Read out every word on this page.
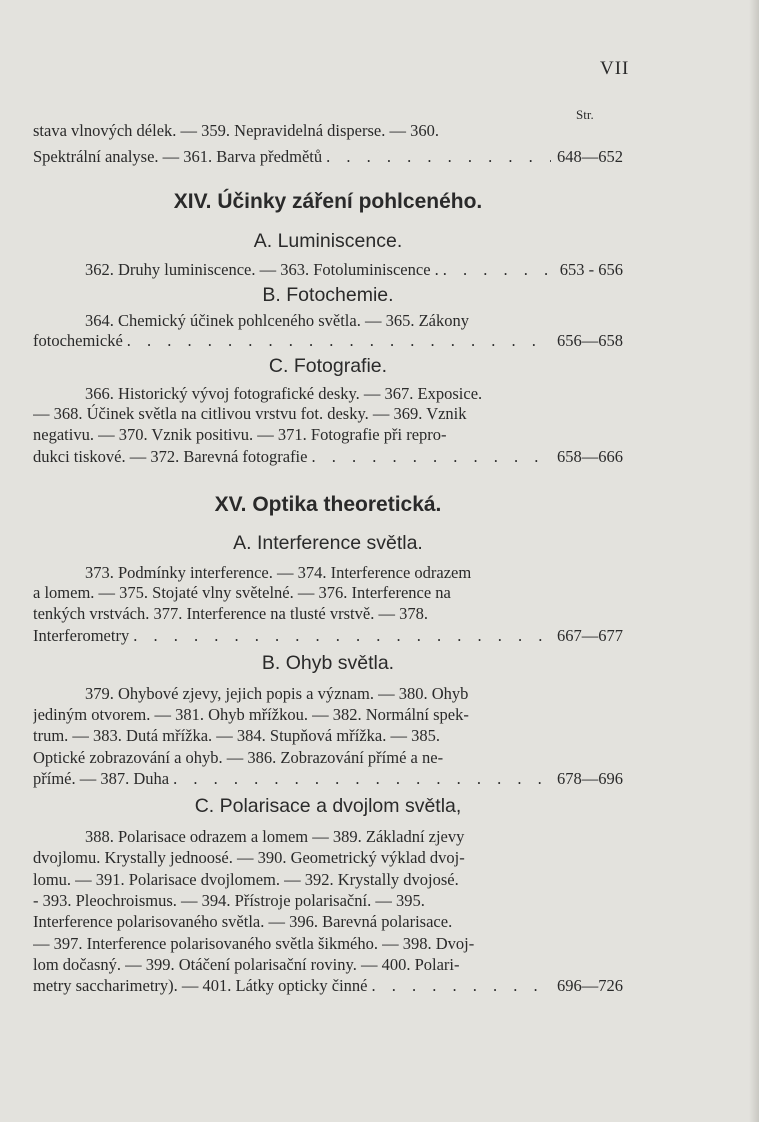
VII
Str.
stava vlnových délek. — 359. Nepravidelná disperse. — 360.
Spektrální analyse. — 361. Barva předmětů . . .	648—652
XIV. Účinky záření pohlceného.
A. Luminiscence.
362. Druhy luminiscence. — 363. Fotoluminiscence . . . .	653 - 656
B. Fotochemie.
364. Chemický účinek pohlceného světla. — 365. Zákony
fotochemické . . .	656—658
C. Fotografie.
366. Historický vývoj fotografické desky. — 367. Exposice.
— 368. Účinek světla na citlivou vrstvu fot. desky. — 369. Vznik
negativu. — 370. Vznik positivu. — 371. Fotografie při repro-
dukci tiskové. — 372. Barevná fotografie . . .	658—666
XV. Optika theoretická.
A. Interference světla.
373. Podmínky interference. — 374. Interference odrazem
a lomem. — 375. Stojaté vlny světelné. — 376. Interference na
tenkých vrstvách. 377. Interference na tlusté vrstvě. — 378.
Interferometry . . .	667—677
B. Ohyb světla.
379. Ohybové zjevy, jejich popis a význam. — 380. Ohyb
jediným otvorem. — 381. Ohyb mřížkou. — 382. Normální spek-
trum. — 383. Dutá mřížka. — 384. Stupňová mřížka. — 385.
Optické zobrazování a ohyb. — 386. Zobrazování přímé a ne-
přímé. — 387. Duha . . .	678—696
C. Polarisace a dvojlom světla,
388. Polarisace odrazem a lomem — 389. Základní zjevy
dvojlomu. Krystally jednoosé. — 390. Geometrický výklad dvoj-
lomu. — 391. Polarisace dvojlomem. — 392. Krystally dvojosé.
- 393. Pleochroismus. — 394. Přístroje polarisační. — 395.
Interference polarisovaného světla. — 396. Barevná polarisace.
— 397. Interference polarisovaného světla šikmého. — 398. Dvoj-
lom dočasný. — 399. Otáčení polarisační roviny. — 400. Polari-
metry saccharimetry). — 401. Látky opticky činné . . .	696—726
